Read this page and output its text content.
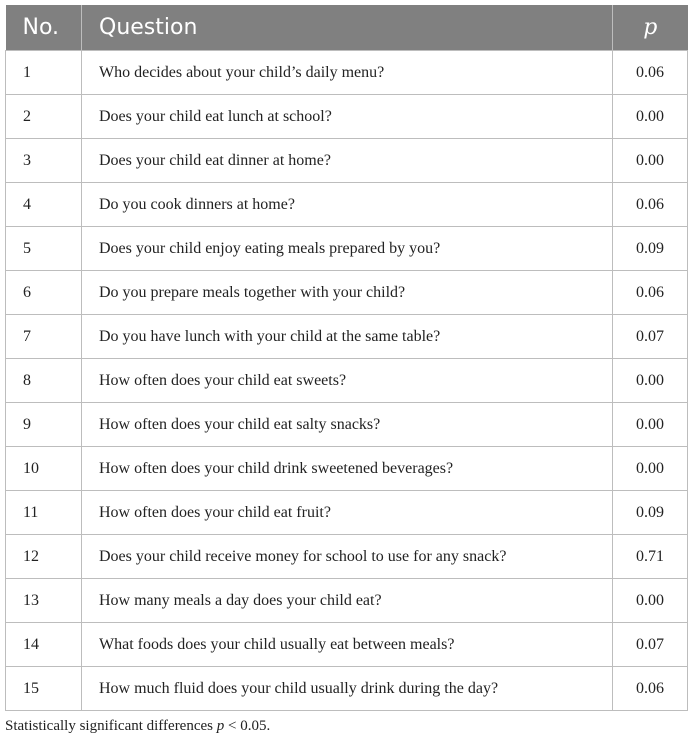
No.	Question	p
1	Who decides about your child’s daily menu?	0.06
2	Does your child eat lunch at school?	0.00
3	Does your child eat dinner at home?	0.00
4	Do you cook dinners at home?	0.06
5	Does your child enjoy eating meals prepared by you?	0.09
6	Do you prepare meals together with your child?	0.06
7	Do you have lunch with your child at the same table?	0.07
8	How often does your child eat sweets?	0.00
9	How often does your child eat salty snacks?	0.00
10	How often does your child drink sweetened beverages?	0.00
11	How often does your child eat fruit?	0.09
12	Does your child receive money for school to use for any snack?	0.71
13	How many meals a day does your child eat?	0.00
14	What foods does your child usually eat between meals?	0.07
15	How much fluid does your child usually drink during the day?	0.06
Statistically significant differences p < 0.05.
